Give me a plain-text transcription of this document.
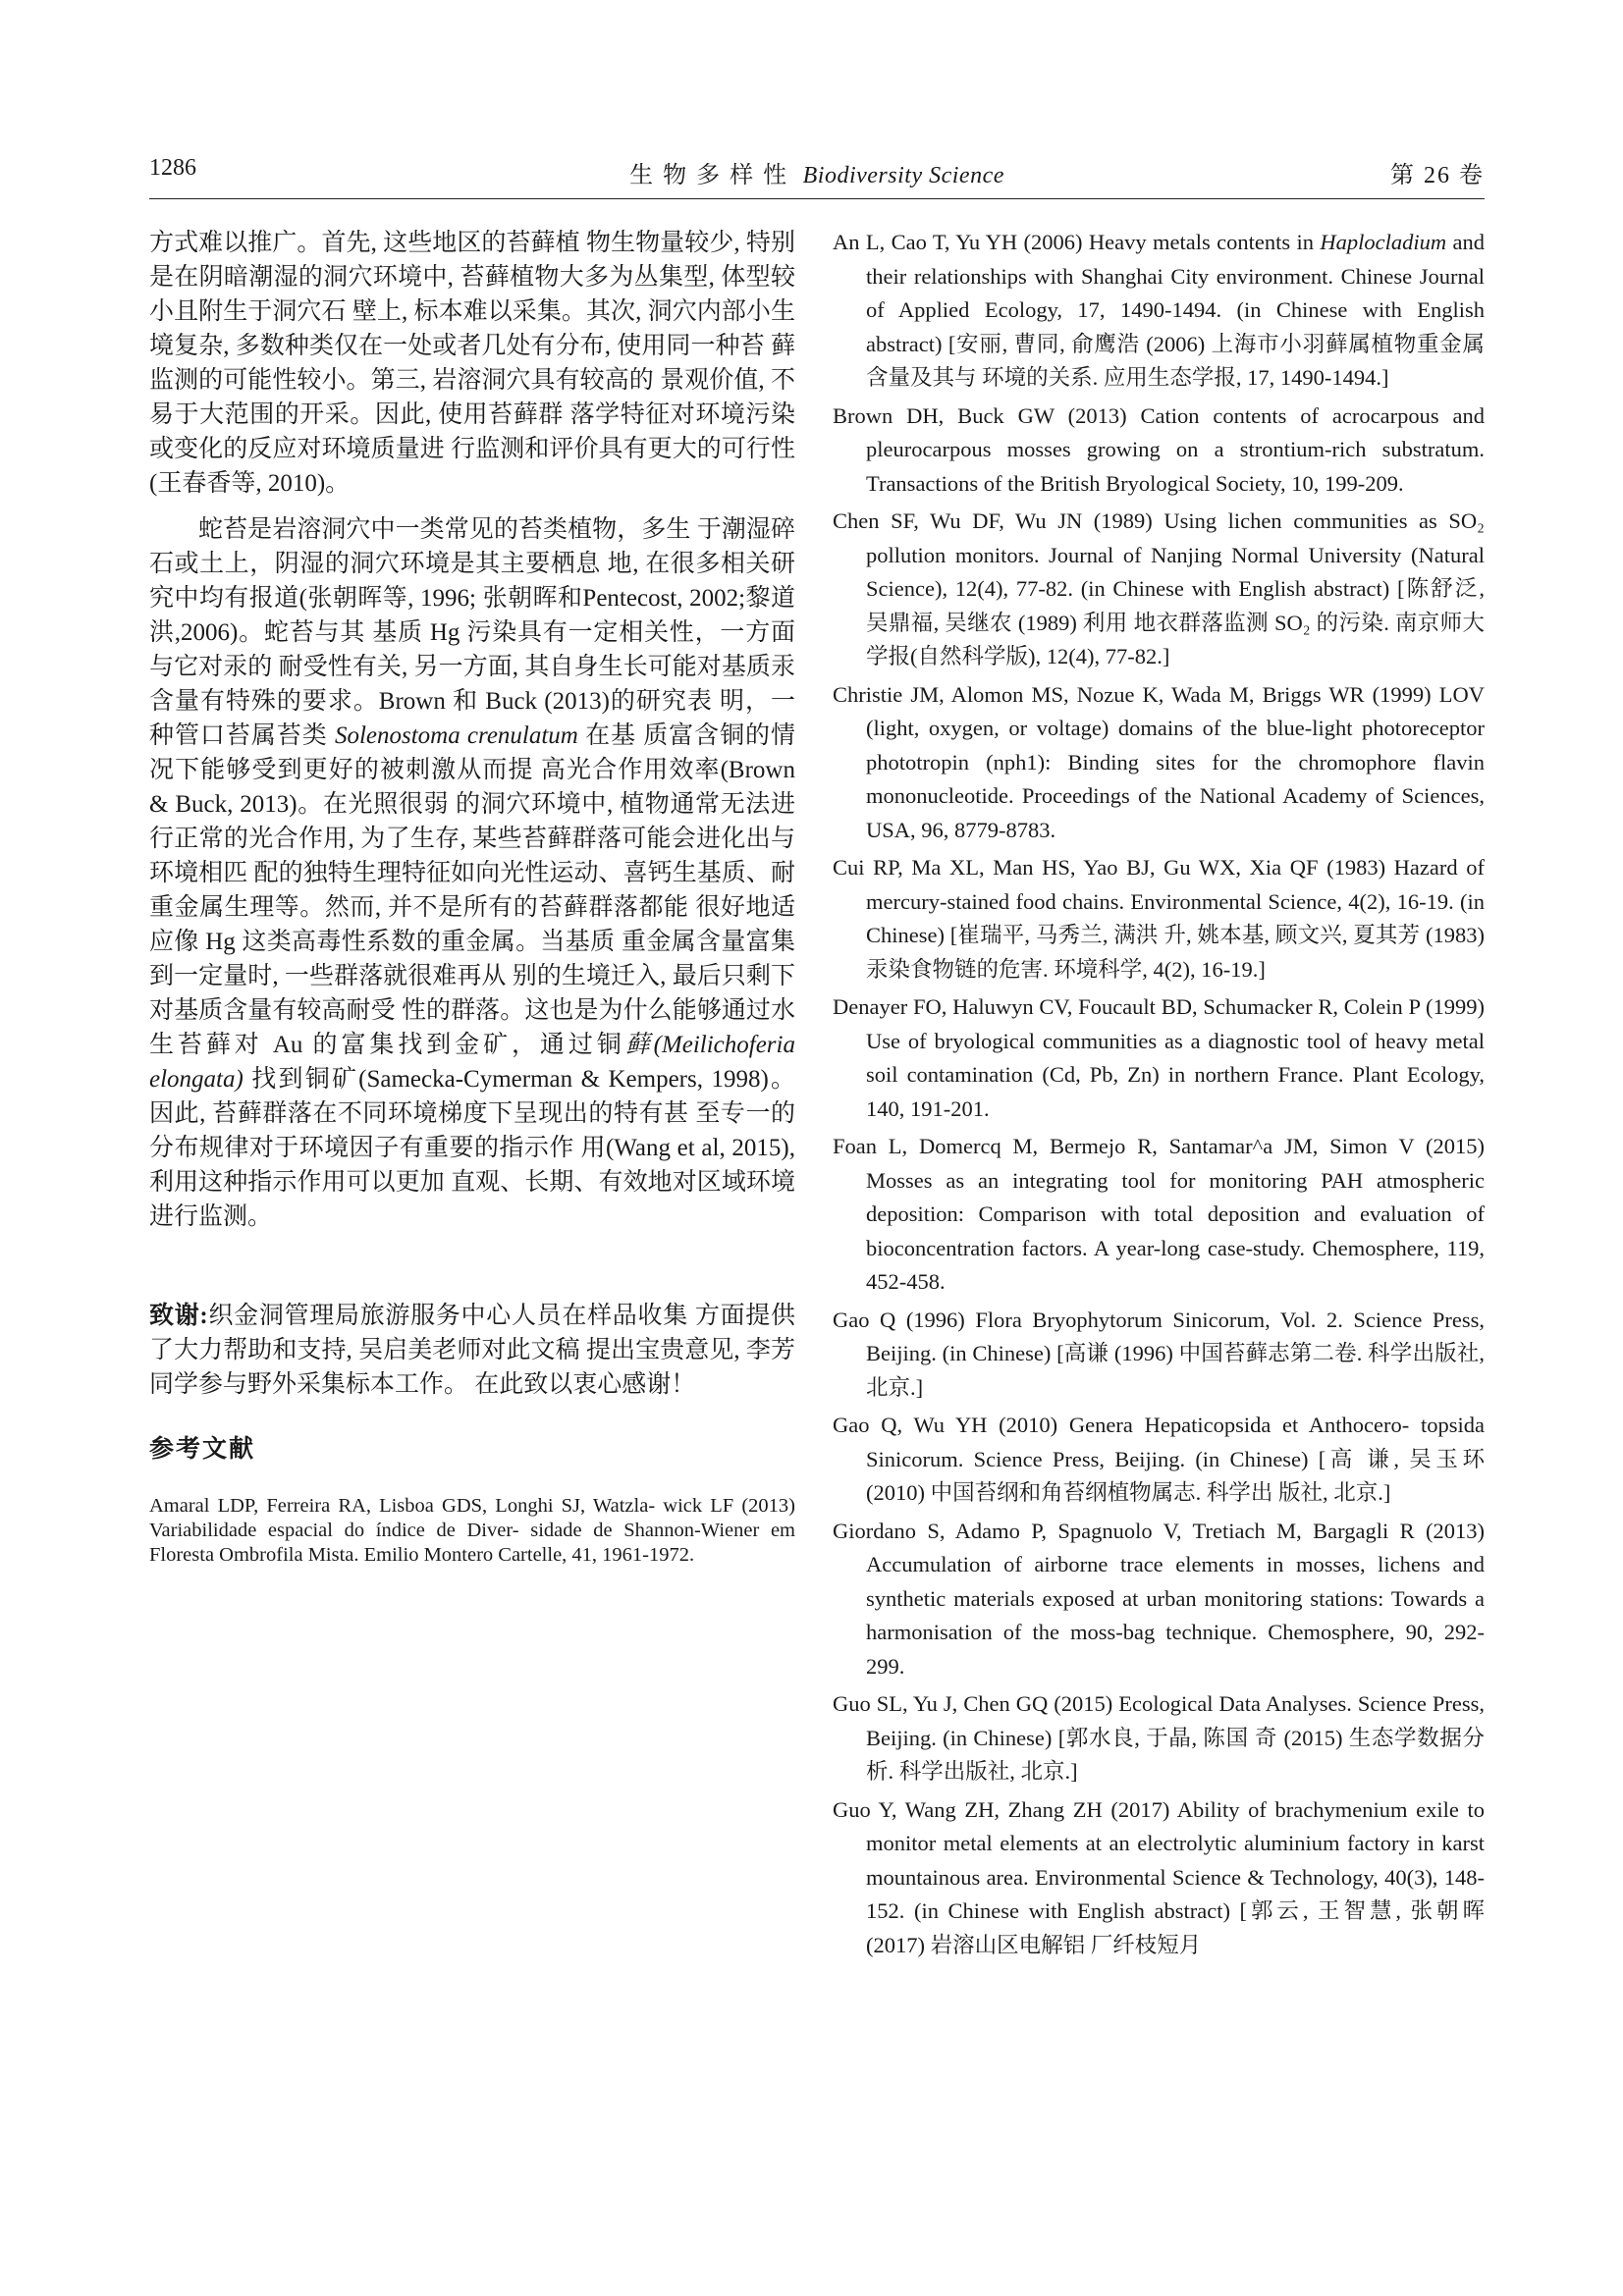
1286	生物多样性 Biodiversity Science	第 26 卷

方式难以推广。首先, 这些地区的苔藓植 物生物量较少, 特别是在阴暗潮湿的洞穴环境中, 苔藓植物大多为丛集型, 体型较小且附生于洞穴石 壁上, 标本难以采集。其次, 洞穴内部小生境复杂, 多数种类仅在一处或者几处有分布, 使用同一种苔 藓监测的可能性较小。第三, 岩溶洞穴具有较高的 景观价值, 不易于大范围的开采。因此, 使用苔藓群 落学特征对环境污染或变化的反应对环境质量进 行监测和评价具有更大的可行性(王春香等, 2010)。

蛇苔是岩溶洞穴中一类常见的苔类植物，多生 于潮湿碎石或土上，阴湿的洞穴环境是其主要栖息 地, 在很多相关研究中均有报道(张朝晖等, 1996; 张朝晖和Pentecost, 2002;黎道洪,2006)。蛇苔与其 基质 Hg 污染具有一定相关性，一方面与它对汞的 耐受性有关, 另一方面, 其自身生长可能对基质汞 含量有特殊的要求。Brown 和 Buck (2013)的研究表 明，一种管口苔属苔类 Solenostoma crenulatum 在基 质富含铜的情况下能够受到更好的被刺激从而提 高光合作用效率(Brown & Buck, 2013)。在光照很弱 的洞穴环境中, 植物通常无法进行正常的光合作用, 为了生存, 某些苔藓群落可能会进化出与环境相匹 配的独特生理特征如向光性运动、喜钙生基质、耐 重金属生理等。然而, 并不是所有的苔藓群落都能 很好地适应像 Hg 这类高毒性系数的重金属。当基质 重金属含量富集到一定量时, 一些群落就很难再从 别的生境迁入, 最后只剩下对基质含量有较高耐受 性的群落。这也是为什么能够通过水生苔藓对 Au 的富集找到金矿，通过铜藓(Meilichoferia elongata) 找到铜矿(Samecka-Cymerman & Kempers, 1998)。 因此, 苔藓群落在不同环境梯度下呈现出的特有甚 至专一的分布规律对于环境因子有重要的指示作 用(Wang et al, 2015),利用这种指示作用可以更加 直观、长期、有效地对区域环境进行监测。

致谢:织金洞管理局旅游服务中心人员在样品收集 方面提供了大力帮助和支持, 吴启美老师对此文稿 提出宝贵意见, 李芳同学参与野外采集标本工作。 在此致以衷心感谢！

参考文献

Amaral LDP, Ferreira RA, Lisboa GDS, Longhi SJ, Watzla- wick LF (2013) Variabilidade espacial do índice de Diver- sidade de Shannon-Wiener em Floresta Ombrofila Mista. Emilio Montero Cartelle, 41, 1961-1972.

An L, Cao T, Yu YH (2006) Heavy metals contents in Haplocladium and their relationships with Shanghai City environment. Chinese Journal of Applied Ecology, 17, 1490-1494. (in Chinese with English abstract) [安丽, 曹同, 俞鹰浩 (2006) 上海市小羽藓属植物重金属含量及其与 环境的关系. 应用生态学报, 17, 1490-1494.]

Brown DH, Buck GW (2013) Cation contents of acrocarpous and pleurocarpous mosses growing on a strontium-rich substratum. Transactions of the British Bryological Society, 10, 199-209.

Chen SF, Wu DF, Wu JN (1989) Using lichen communities as SO₂ pollution monitors. Journal of Nanjing Normal University (Natural Science), 12(4), 77-82. (in Chinese with English abstract) [陈舒泛, 吴鼎福, 吴继农 (1989) 利用 地衣群落监测 SO₂ 的污染. 南京师大学报(自然科学版), 12(4), 77-82.]

Christie JM, Alomon MS, Nozue K, Wada M, Briggs WR (1999) LOV (light, oxygen, or voltage) domains of the blue-light photoreceptor phototropin (nph1): Binding sites for the chromophore flavin mononucleotide. Proceedings of the National Academy of Sciences, USA, 96, 8779-8783.

Cui RP, Ma XL, Man HS, Yao BJ, Gu WX, Xia QF (1983) Hazard of mercury-stained food chains. Environmental Science, 4(2), 16-19. (in Chinese) [崔瑞平, 马秀兰, 满洪 升, 姚本基, 顾文兴, 夏其芳 (1983) 汞染食物链的危害. 环境科学, 4(2), 16-19.]

Denayer FO, Haluwyn CV, Foucault BD, Schumacker R, Colein P (1999) Use of bryological communities as a diagnostic tool of heavy metal soil contamination (Cd, Pb, Zn) in northern France. Plant Ecology, 140, 191-201.

Foan L, Domercq M, Bermejo R, Santamar^a JM, Simon V (2015) Mosses as an integrating tool for monitoring PAH atmospheric deposition: Comparison with total deposition and evaluation of bioconcentration factors. A year-long case-study. Chemosphere, 119, 452-458.

Gao Q (1996) Flora Bryophytorum Sinicorum, Vol. 2. Science Press, Beijing. (in Chinese) [高谦 (1996) 中国苔藓志第二卷. 科学出版社, 北京.]

Gao Q, Wu YH (2010) Genera Hepaticopsida et Anthocero- topsida Sinicorum. Science Press, Beijing. (in Chinese) [高 谦, 吴玉环 (2010) 中国苔纲和角苔纲植物属志. 科学出 版社, 北京.]

Giordano S, Adamo P, Spagnuolo V, Tretiach M, Bargagli R (2013) Accumulation of airborne trace elements in mosses, lichens and synthetic materials exposed at urban monitoring stations: Towards a harmonisation of the moss-bag technique. Chemosphere, 90, 292-299.

Guo SL, Yu J, Chen GQ (2015) Ecological Data Analyses. Science Press, Beijing. (in Chinese) [郭水良, 于晶, 陈国 奇 (2015) 生态学数据分析. 科学出版社, 北京.]

Guo Y, Wang ZH, Zhang ZH (2017) Ability of brachymenium exile to monitor metal elements at an electrolytic aluminium factory in karst mountainous area. Environmental Science & Technology, 40(3), 148-152. (in Chinese with English abstract) [郭云, 王智慧, 张朝晖 (2017) 岩溶山区电解铝 厂纤枝短月
